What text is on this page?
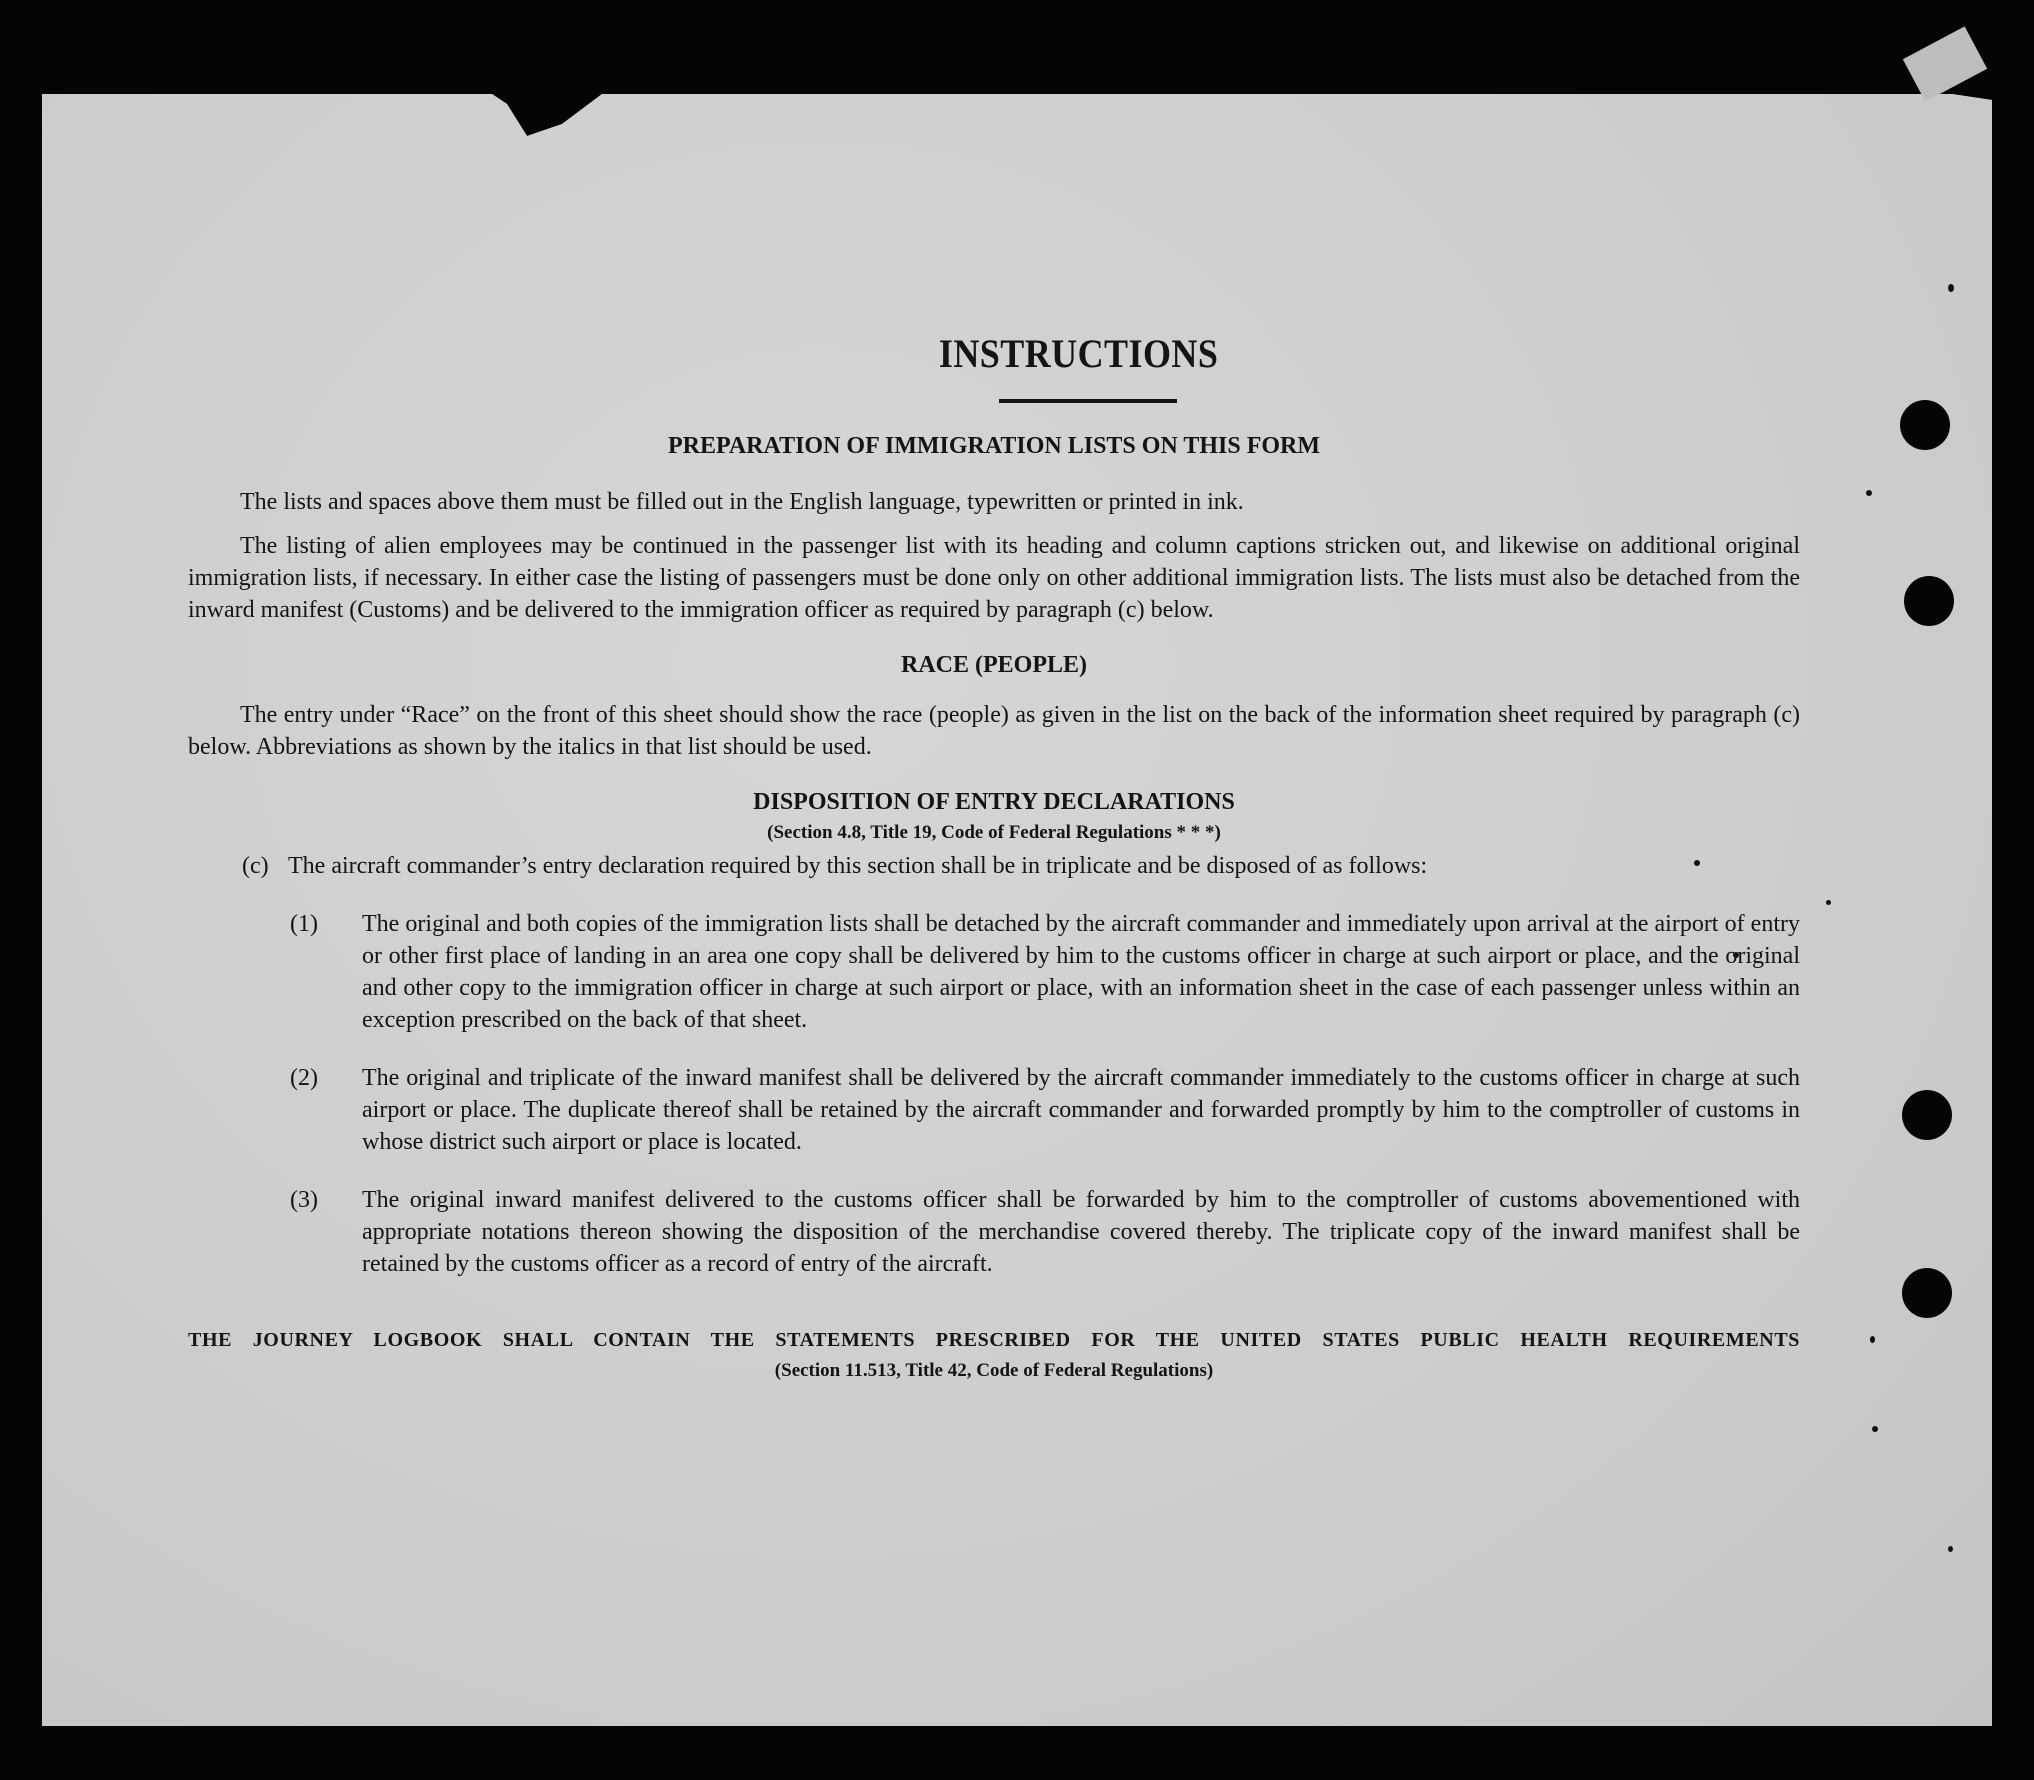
INSTRUCTIONS
PREPARATION OF IMMIGRATION LISTS ON THIS FORM

The lists and spaces above them must be filled out in the English language, typewritten or printed in ink.

The listing of alien employees may be continued in the passenger list with its heading and column captions stricken out, and likewise on additional original immigration lists, if necessary. In either case the listing of passengers must be done only on other additional immigration lists. The lists must also be detached from the inward manifest (Customs) and be delivered to the immigration officer as required by paragraph (c) below.

RACE (PEOPLE)

The entry under “Race” on the front of this sheet should show the race (people) as given in the list on the back of the information sheet required by paragraph (c) below. Abbreviations as shown by the italics in that list should be used.

DISPOSITION OF ENTRY DECLARATIONS
(Section 4.8, Title 19, Code of Federal Regulations * * *)
(c) The aircraft commander’s entry declaration required by this section shall be in triplicate and be disposed of as follows:
(1) The original and both copies of the immigration lists shall be detached by the aircraft commander and immediately upon arrival at the airport of entry or other first place of landing in an area one copy shall be delivered by him to the customs officer in charge at such airport or place, and the original and other copy to the immigration officer in charge at such airport or place, with an information sheet in the case of each passenger unless within an exception prescribed on the back of that sheet.
(2) The original and triplicate of the inward manifest shall be delivered by the aircraft commander immediately to the customs officer in charge at such airport or place. The duplicate thereof shall be retained by the aircraft commander and forwarded promptly by him to the comptroller of customs in whose district such airport or place is located.
(3) The original inward manifest delivered to the customs officer shall be forwarded by him to the comptroller of customs abovementioned with appropriate notations thereon showing the disposition of the merchandise covered thereby. The triplicate copy of the inward manifest shall be retained by the customs officer as a record of entry of the aircraft.

THE JOURNEY LOGBOOK SHALL CONTAIN THE STATEMENTS PRESCRIBED FOR THE UNITED STATES PUBLIC HEALTH REQUIREMENTS

(Section 11.513, Title 42, Code of Federal Regulations)
